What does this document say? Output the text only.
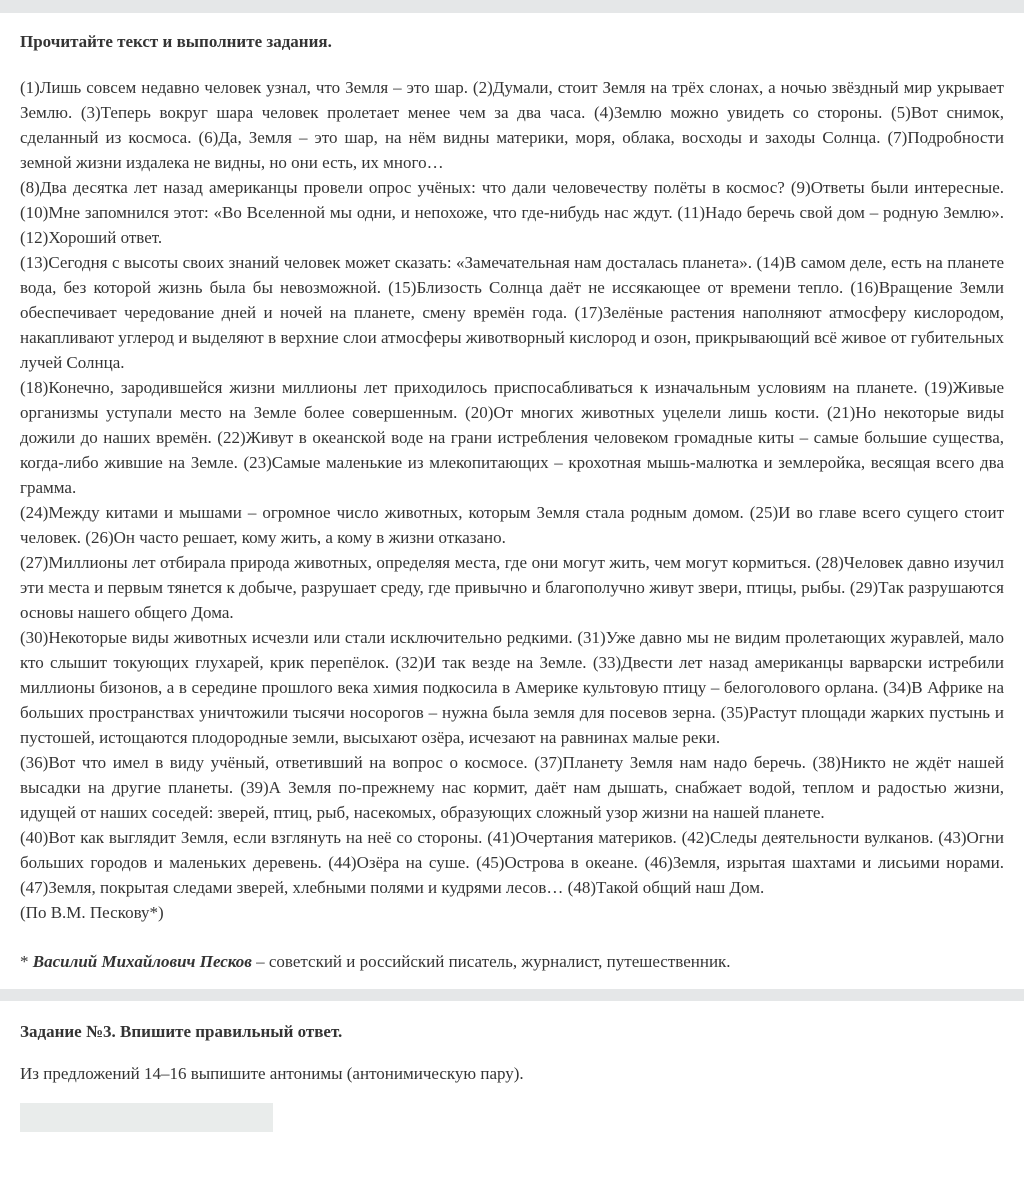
Прочитайте текст и выполните задания.

(1)Лишь совсем недавно человек узнал, что Земля – это шар. (2)Думали, стоит Земля на трёх слонах, а ночью звёздный мир укрывает Землю. (3)Теперь вокруг шара человек пролетает менее чем за два часа. (4)Землю можно увидеть со стороны. (5)Вот снимок, сделанный из космоса. (6)Да, Земля – это шар, на нём видны материки, моря, облака, восходы и заходы Солнца. (7)Подробности земной жизни издалека не видны, но они есть, их много…

(8)Два десятка лет назад американцы провели опрос учёных: что дали человечеству полёты в космос? (9)Ответы были интересные. (10)Мне запомнился этот: «Во Вселенной мы одни, и непохоже, что где-нибудь нас ждут. (11)Надо беречь свой дом – родную Землю». (12)Хороший ответ.

(13)Сегодня с высоты своих знаний человек может сказать: «Замечательная нам досталась планета». (14)В самом деле, есть на планете вода, без которой жизнь была бы невозможной. (15)Близость Солнца даёт не иссякающее от времени тепло. (16)Вращение Земли обеспечивает чередование дней и ночей на планете, смену времён года. (17)Зелёные растения наполняют атмосферу кислородом, накапливают углерод и выделяют в верхние слои атмосферы животворный кислород и озон, прикрывающий всё живое от губительных лучей Солнца.

(18)Конечно, зародившейся жизни миллионы лет приходилось приспосабливаться к изначальным условиям на планете. (19)Живые организмы уступали место на Земле более совершенным. (20)От многих животных уцелели лишь кости. (21)Но некоторые виды дожили до наших времён. (22)Живут в океанской воде на грани истребления человеком громадные киты – самые большие существа, когда-либо жившие на Земле. (23)Самые маленькие из млекопитающих – крохотная мышь-малютка и землеройка, весящая всего два грамма.

(24)Между китами и мышами – огромное число животных, которым Земля стала родным домом. (25)И во главе всего сущего стоит человек. (26)Он часто решает, кому жить, а кому в жизни отказано.

(27)Миллионы лет отбирала природа животных, определяя места, где они могут жить, чем могут кормиться. (28)Человек давно изучил эти места и первым тянется к добыче, разрушает среду, где привычно и благополучно живут звери, птицы, рыбы. (29)Так разрушаются основы нашего общего Дома.

(30)Некоторые виды животных исчезли или стали исключительно редкими. (31)Уже давно мы не видим пролетающих журавлей, мало кто слышит токующих глухарей, крик перепёлок. (32)И так везде на Земле. (33)Двести лет назад американцы варварски истребили миллионы бизонов, а в середине прошлого века химия подкосила в Америке культовую птицу – белоголового орлана. (34)В Африке на больших пространствах уничтожили тысячи носорогов – нужна была земля для посевов зерна. (35)Растут площади жарких пустынь и пустошей, истощаются плодородные земли, высыхают озёра, исчезают на равнинах малые реки.

(36)Вот что имел в виду учёный, ответивший на вопрос о космосе. (37)Планету Земля нам надо беречь. (38)Никто не ждёт нашей высадки на другие планеты. (39)А Земля по-прежнему нас кормит, даёт нам дышать, снабжает водой, теплом и радостью жизни, идущей от наших соседей: зверей, птиц, рыб, насекомых, образующих сложный узор жизни на нашей планете.

(40)Вот как выглядит Земля, если взглянуть на неё со стороны. (41)Очертания материков. (42)Следы деятельности вулканов. (43)Огни больших городов и маленьких деревень. (44)Озёра на суше. (45)Острова в океане. (46)Земля, изрытая шахтами и лисьими норами. (47)Земля, покрытая следами зверей, хлебными полями и кудрями лесов… (48)Такой общий наш Дом.

(По В.М. Пескову*)

* Василий Михайлович Песков – советский и российский писатель, журналист, путешественник.

Задание №3. Впишите правильный ответ.

Из предложений 14–16 выпишите антонимы (антонимическую пару).
